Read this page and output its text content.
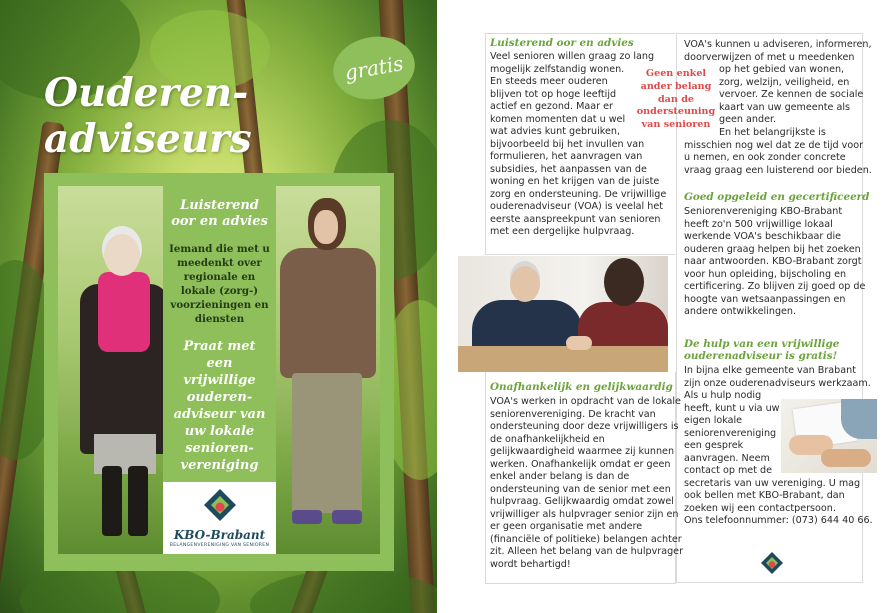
gratis
Ouderen-
adviseurs
Luisterend oor en advies
Iemand die met u meedenkt over regionale en lokale (zorg-) voorzieningen en diensten
Praat met een vrijwillige ouderen-adviseur van uw lokale senioren-vereniging
KBO-Brabant
BELANGENVERENIGING VAN SENIOREN
Luisterend oor en advies
Veel senioren willen graag zo lang
mogelijk zelfstandig wonen.
En steeds meer ouderen
blijven tot op hoge leeftijd
actief en gezond. Maar er
komen momenten dat u wel
wat advies kunt gebruiken,
bijvoorbeeld bij het invullen van
formulieren, het aanvragen van
subsidies, het aanpassen van de
woning en het krijgen van de juiste
zorg en ondersteuning. De vrijwillige
ouderenadviseur (VOA) is veelal het
eerste aanspreekpunt van senioren
met een dergelijke hulpvraag.
Geen enkel
ander belang
dan de
ondersteuning
van senioren
VOA's kunnen u adviseren, informeren,
doorverwijzen of met u meedenken
op het gebied van wonen,
zorg, welzijn, veiligheid, en
vervoer. Ze kennen de sociale
kaart van uw gemeente als
geen ander.
En het belangrijkste is
misschien nog wel dat ze de tijd voor
u nemen, en ook zonder concrete
vraag graag een luisterend oor bieden.
Goed opgeleid en gecertificeerd
Seniorenvereniging KBO-Brabant
heeft zo'n 500 vrijwillige lokaal
werkende VOA's beschikbaar die
ouderen graag helpen bij het zoeken
naar antwoorden. KBO-Brabant zorgt
voor hun opleiding, bijscholing en
certificering. Zo blijven zij goed op de
hoogte van wetsaanpassingen en
andere ontwikkelingen.
De hulp van een vrijwillige
ouderenadviseur is gratis!
In bijna elke gemeente van Brabant
zijn onze ouderenadviseurs werkzaam.
Als u hulp nodig
heeft, kunt u via uw
eigen lokale
seniorenvereniging
een gesprek
aanvragen. Neem
contact op met de
secretaris van uw vereniging. U mag
ook bellen met KBO-Brabant, dan
zoeken wij een contactpersoon.
Ons telefoonnummer: (073) 644 40 66.
Onafhankelijk en gelijkwaardig
VOA's werken in opdracht van de lokale
seniorenvereniging. De kracht van
ondersteuning door deze vrijwilligers is
de onafhankelijkheid en
gelijkwaardigheid waarmee zij kunnen
werken. Onafhankelijk omdat er geen
enkel ander belang is dan de
ondersteuning van de senior met een
hulpvraag. Gelijkwaardig omdat zowel
vrijwilliger als hulpvrager senior zijn en
er geen organisatie met andere
(financiële of politieke) belangen achter
zit. Alleen het belang van de hulpvrager
wordt behartigd!
